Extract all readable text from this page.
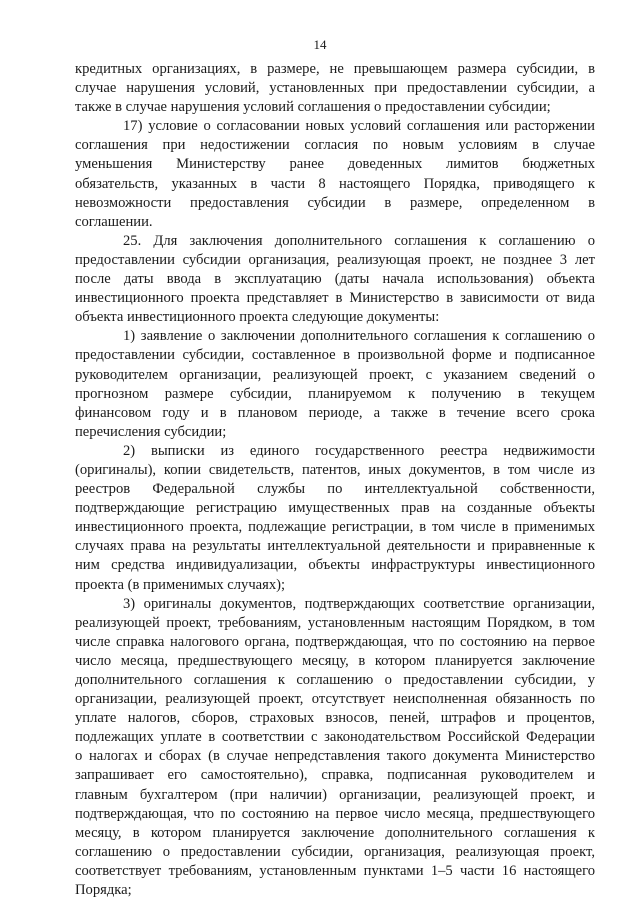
14
кредитных организациях, в размере, не превышающем размера субсидии, в
случае нарушения условий, установленных при предоставлении субсидии, а
также в случае нарушения условий соглашения о предоставлении субсидии;
17) условие о согласовании новых условий соглашения или расторжении
соглашения при недостижении согласия по новым условиям в случае
уменьшения Министерству ранее доведенных лимитов бюджетных
обязательств, указанных в части 8 настоящего Порядка, приводящего к
невозможности предоставления субсидии в размере, определенном в
соглашении.
25. Для заключения дополнительного соглашения к соглашению о
предоставлении субсидии организация, реализующая проект, не позднее 3 лет
после даты ввода в эксплуатацию (даты начала использования) объекта
инвестиционного проекта представляет в Министерство в зависимости от вида
объекта инвестиционного проекта следующие документы:
1) заявление о заключении дополнительного соглашения к соглашению о
предоставлении субсидии, составленное в произвольной форме и подписанное
руководителем организации, реализующей проект, с указанием сведений о
прогнозном размере субсидии, планируемом к получению в текущем
финансовом году и в плановом периоде, а также в течение всего срока
перечисления субсидии;
2) выписки из единого государственного реестра недвижимости
(оригиналы), копии свидетельств, патентов, иных документов, в том числе из
реестров Федеральной службы по интеллектуальной собственности,
подтверждающие регистрацию имущественных прав на созданные объекты
инвестиционного проекта, подлежащие регистрации, в том числе в применимых
случаях права на результаты интеллектуальной деятельности и приравненные к
ним средства индивидуализации, объекты инфраструктуры инвестиционного
проекта (в применимых случаях);
3) оригиналы документов, подтверждающих соответствие организации,
реализующей проект, требованиям, установленным настоящим Порядком, в том
числе справка налогового органа, подтверждающая, что по состоянию на первое
число месяца, предшествующего месяцу, в котором планируется заключение
дополнительного соглашения к соглашению о предоставлении субсидии, у
организации, реализующей проект, отсутствует неисполненная обязанность по
уплате налогов, сборов, страховых взносов, пеней, штрафов и процентов,
подлежащих уплате в соответствии с законодательством Российской Федерации
о налогах и сборах (в случае непредставления такого документа Министерство
запрашивает его самостоятельно), справка, подписанная руководителем и
главным бухгалтером (при наличии) организации, реализующей проект, и
подтверждающая, что по состоянию на первое число месяца, предшествующего
месяцу, в котором планируется заключение дополнительного соглашения к
соглашению о предоставлении субсидии, организация, реализующая проект,
соответствует требованиям, установленным пунктами 1–5 части 16 настоящего
Порядка;
